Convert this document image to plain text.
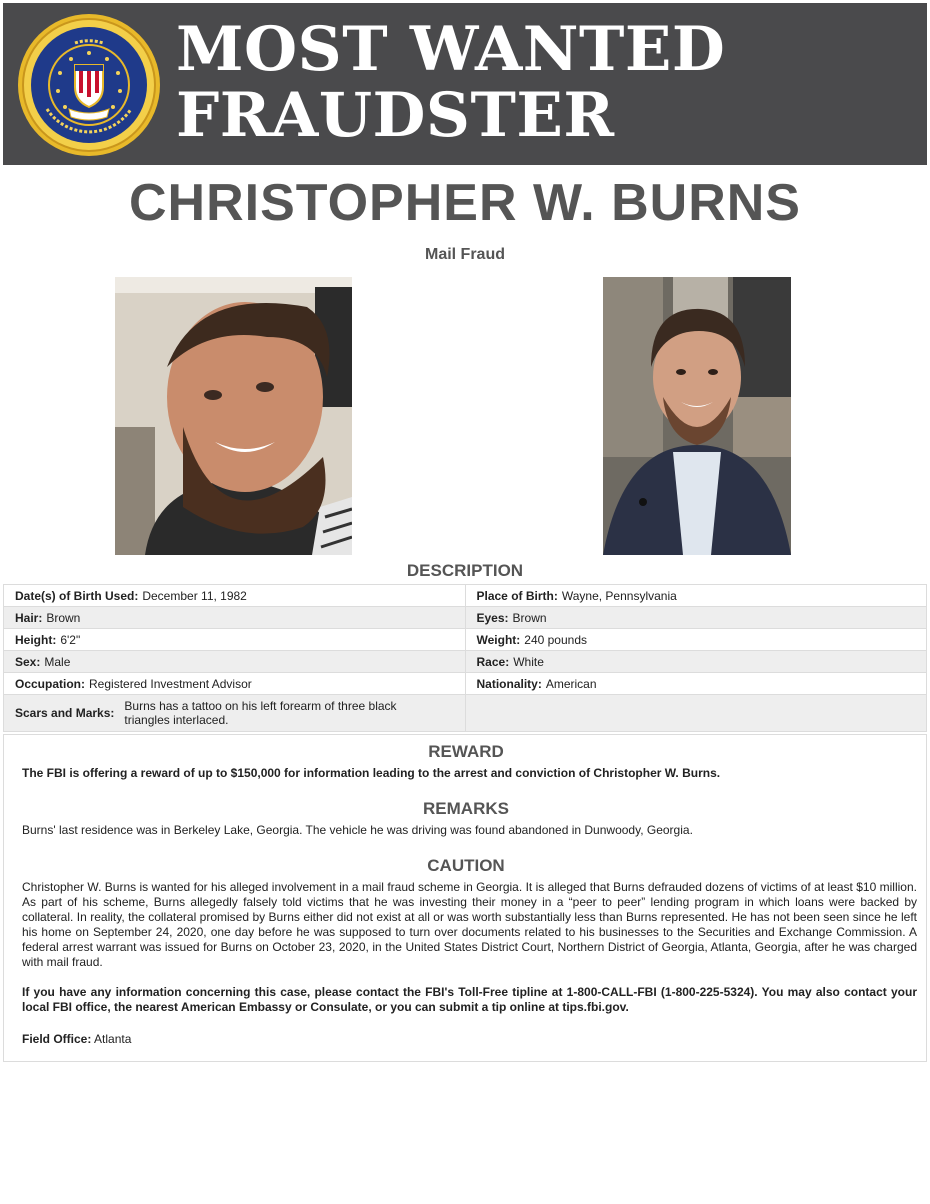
MOST WANTED
FRAUDSTER
CHRISTOPHER W. BURNS
Mail Fraud
DESCRIPTION
Date(s) of Birth Used: December 11, 1982	Place of Birth: Wayne, Pennsylvania
Hair: Brown	Eyes: Brown
Height: 6'2"	Weight: 240 pounds
Sex: Male	Race: White
Occupation: Registered Investment Advisor	Nationality: American

Scars and Marks: Burns has a tattoo on his left forearm of three black triangles interlaced.	

REWARD
The FBI is offering a reward of up to $150,000 for information leading to the arrest and conviction of Christopher W. Burns.
REMARKS
Burns' last residence was in Berkeley Lake, Georgia. The vehicle he was driving was found abandoned in Dunwoody, Georgia.
CAUTION
Christopher W. Burns is wanted for his alleged involvement in a mail fraud scheme in Georgia. It is alleged that Burns defrauded dozens of victims of at least $10 million. As part of his scheme, Burns allegedly falsely told victims that he was investing their money in a “peer to peer” lending program in which loans were backed by collateral. In reality, the collateral promised by Burns either did not exist at all or was worth substantially less than Burns represented. He has not been seen since he left his home on September 24, 2020, one day before he was supposed to turn over documents related to his businesses to the Securities and Exchange Commission. A federal arrest warrant was issued for Burns on October 23, 2020, in the United States District Court, Northern District of Georgia, Atlanta, Georgia, after he was charged with mail fraud.
If you have any information concerning this case, please contact the FBI's Toll-Free tipline at 1-800-CALL-FBI (1-800-225-5324). You may also contact your local FBI office, the nearest American Embassy or Consulate, or you can submit a tip online at tips.fbi.gov.
Field Office: Atlanta
